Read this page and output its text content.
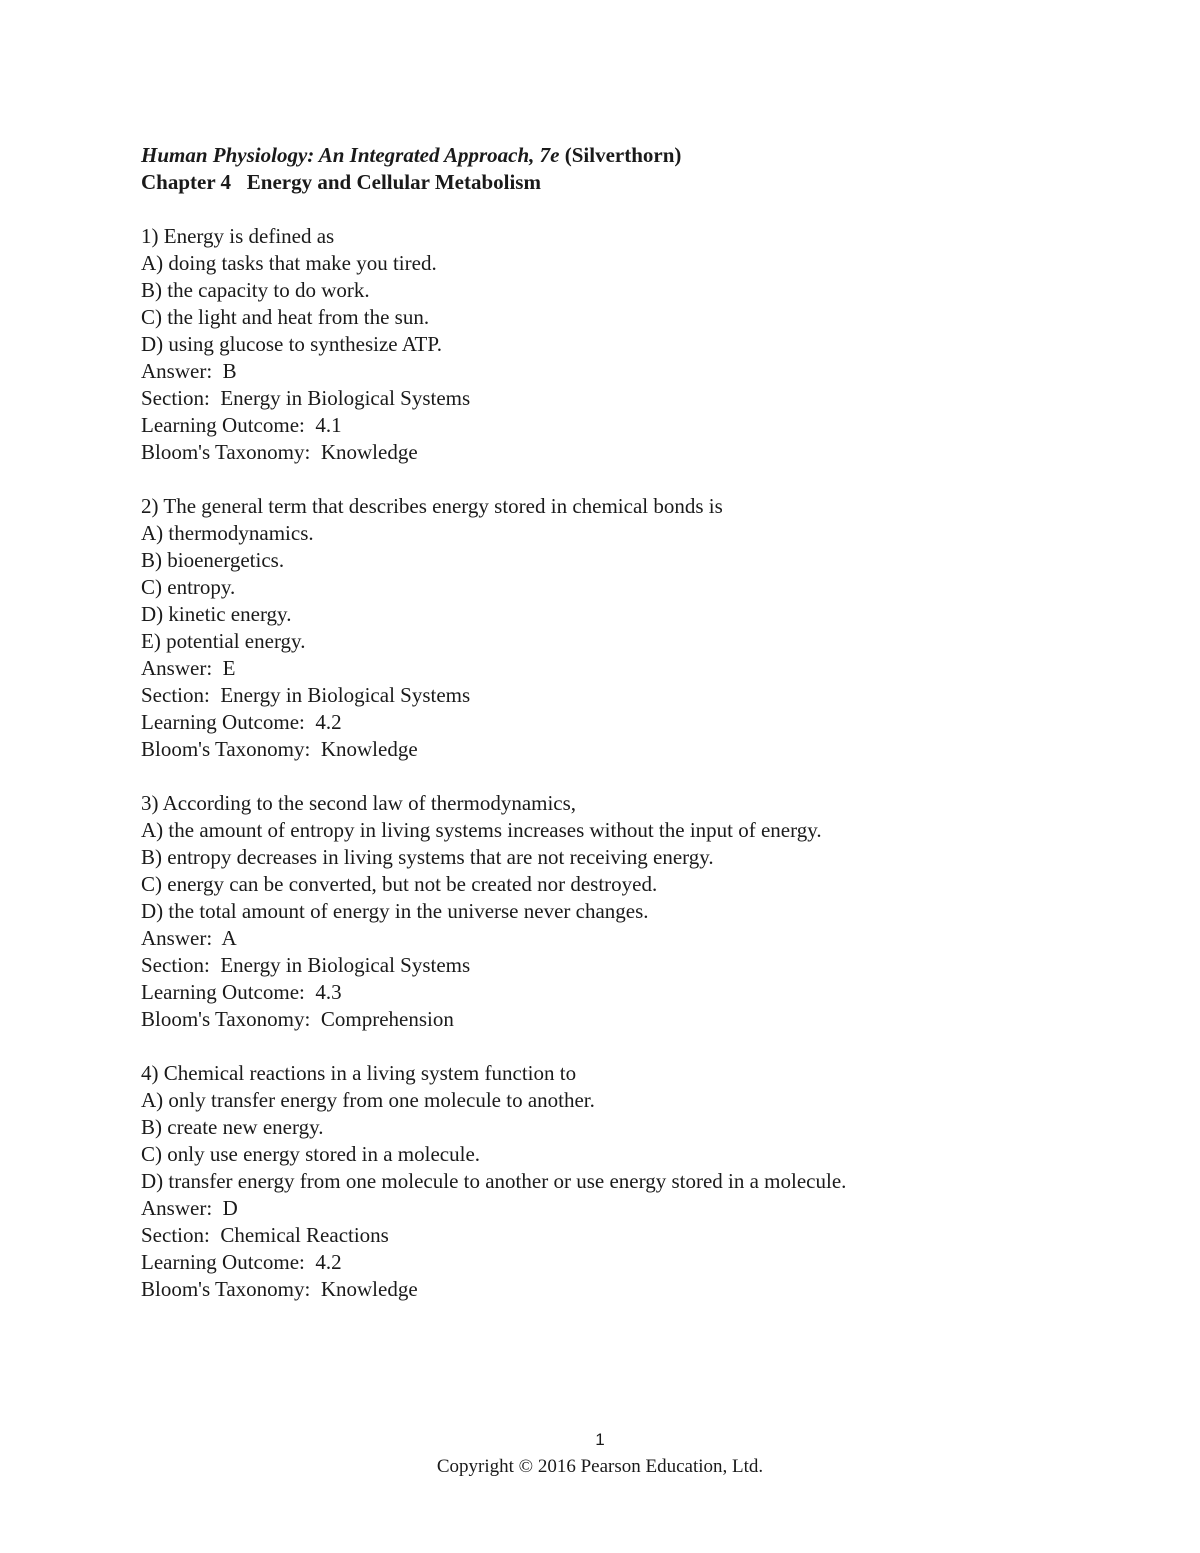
Human Physiology: An Integrated Approach, 7e (Silverthorn)
Chapter 4 Energy and Cellular Metabolism
1) Energy is defined as
A) doing tasks that make you tired.
B) the capacity to do work.
C) the light and heat from the sun.
D) using glucose to synthesize ATP.
Answer:  B
Section:  Energy in Biological Systems
Learning Outcome:  4.1
Bloom's Taxonomy:  Knowledge
2) The general term that describes energy stored in chemical bonds is
A) thermodynamics.
B) bioenergetics.
C) entropy.
D) kinetic energy.
E) potential energy.
Answer:  E
Section:  Energy in Biological Systems
Learning Outcome:  4.2
Bloom's Taxonomy:  Knowledge
3) According to the second law of thermodynamics,
A) the amount of entropy in living systems increases without the input of energy.
B) entropy decreases in living systems that are not receiving energy.
C) energy can be converted, but not be created nor destroyed.
D) the total amount of energy in the universe never changes.
Answer:  A
Section:  Energy in Biological Systems
Learning Outcome:  4.3
Bloom's Taxonomy:  Comprehension
4) Chemical reactions in a living system function to
A) only transfer energy from one molecule to another.
B) create new energy.
C) only use energy stored in a molecule.
D) transfer energy from one molecule to another or use energy stored in a molecule.
Answer:  D
Section:  Chemical Reactions
Learning Outcome:  4.2
Bloom's Taxonomy:  Knowledge
1
Copyright © 2016 Pearson Education, Ltd.
